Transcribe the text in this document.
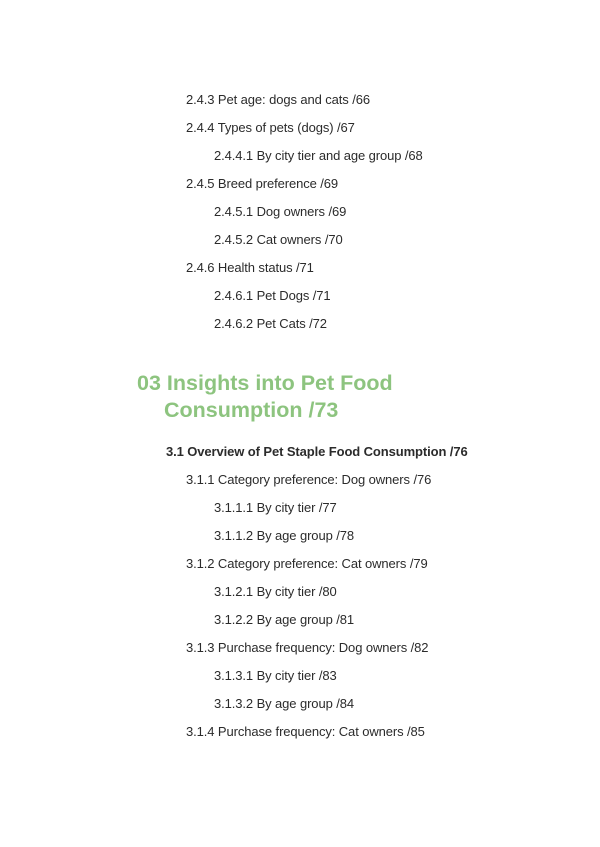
2.4.3 Pet age: dogs and cats /66
2.4.4 Types of pets (dogs) /67
2.4.4.1 By city tier and age group /68
2.4.5 Breed preference /69
2.4.5.1 Dog owners /69
2.4.5.2 Cat owners /70
2.4.6 Health status /71
2.4.6.1 Pet Dogs /71
2.4.6.2 Pet Cats /72
03 Insights into Pet Food
Consumption /73
3.1 Overview of Pet Staple Food Consumption /76
3.1.1 Category preference: Dog owners /76
3.1.1.1 By city tier /77
3.1.1.2 By age group /78
3.1.2 Category preference: Cat owners /79
3.1.2.1 By city tier /80
3.1.2.2 By age group /81
3.1.3 Purchase frequency: Dog owners /82
3.1.3.1 By city tier /83
3.1.3.2 By age group /84
3.1.4 Purchase frequency: Cat owners /85
